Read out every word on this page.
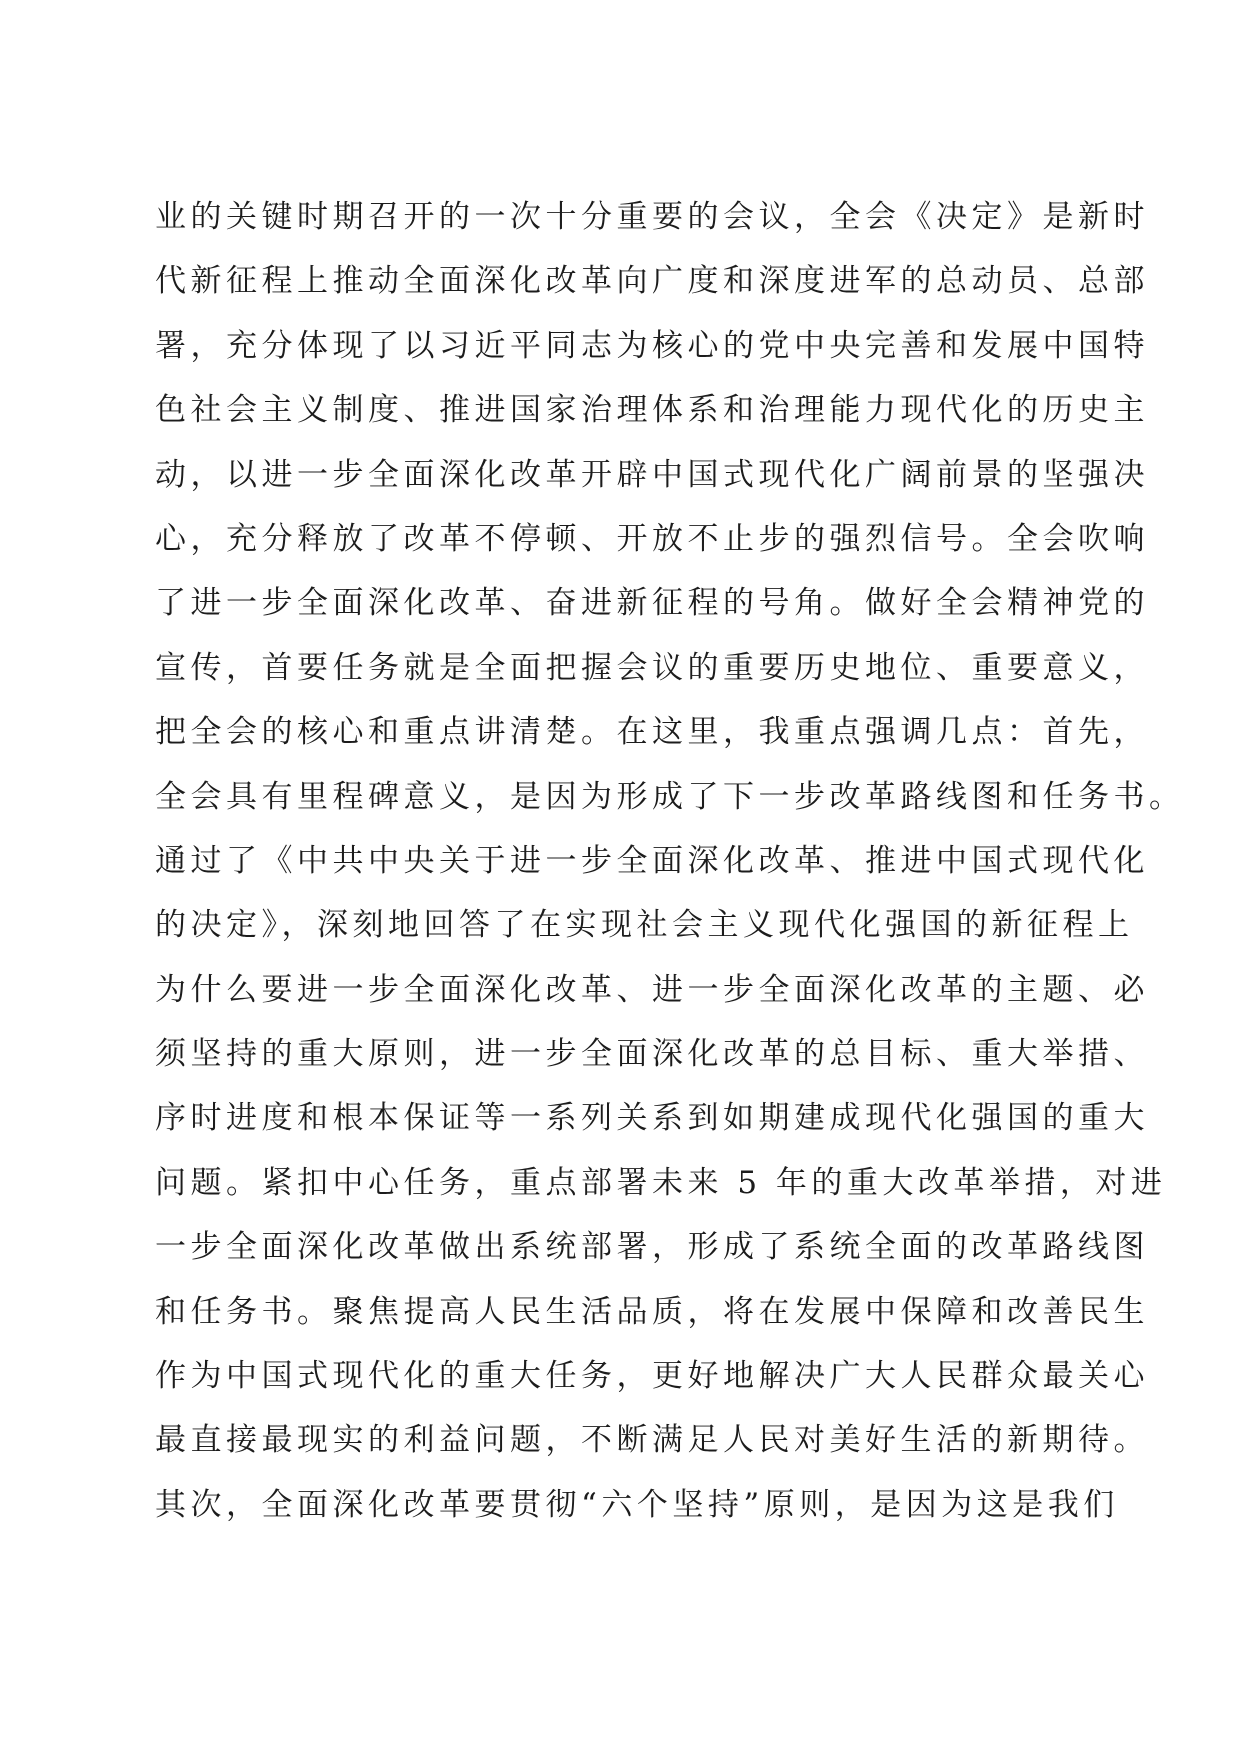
业的关键时期召开的一次十分重要的会议，全会《决定》是新时
代新征程上推动全面深化改革向广度和深度进军的总动员、总部
署，充分体现了以习近平同志为核心的党中央完善和发展中国特
色社会主义制度、推进国家治理体系和治理能力现代化的历史主
动，以进一步全面深化改革开辟中国式现代化广阔前景的坚强决
心，充分释放了改革不停顿、开放不止步的强烈信号。全会吹响
了进一步全面深化改革、奋进新征程的号角。做好全会精神党的
宣传，首要任务就是全面把握会议的重要历史地位、重要意义，
把全会的核心和重点讲清楚。在这里，我重点强调几点：首先，
全会具有里程碑意义，是因为形成了下一步改革路线图和任务书。
通过了《中共中央关于进一步全面深化改革、推进中国式现代化
的决定》，深刻地回答了在实现社会主义现代化强国的新征程上
为什么要进一步全面深化改革、进一步全面深化改革的主题、必
须坚持的重大原则，进一步全面深化改革的总目标、重大举措、
序时进度和根本保证等一系列关系到如期建成现代化强国的重大
问题。紧扣中心任务，重点部署未来 5 年的重大改革举措，对进
一步全面深化改革做出系统部署，形成了系统全面的改革路线图
和任务书。聚焦提高人民生活品质，将在发展中保障和改善民生
作为中国式现代化的重大任务，更好地解决广大人民群众最关心
最直接最现实的利益问题，不断满足人民对美好生活的新期待。
其次，全面深化改革要贯彻“六个坚持”原则，是因为这是我们
